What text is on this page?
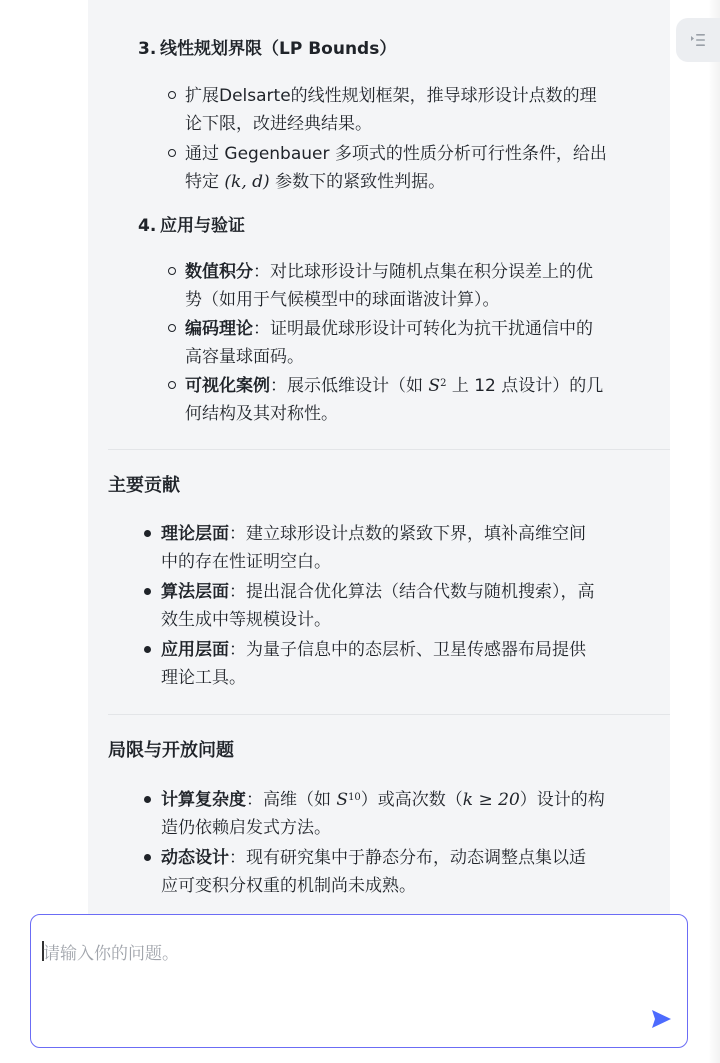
3. 线性规划界限（LP Bounds）
扩展Delsarte的线性规划框架，推导球形设计点数的理
论下限，改进经典结果。
通过 Gegenbauer 多项式的性质分析可行性条件，给出
特定 (k, d) 参数下的紧致性判据。
4. 应用与验证
数值积分：对比球形设计与随机点集在积分误差上的优
势（如用于气候模型中的球面谐波计算）。
编码理论：证明最优球形设计可转化为抗干扰通信中的
高容量球面码。
可视化案例：展示低维设计（如 $S^2$ 上 12 点设计）的几
何结构及其对称性。
主要贡献
理论层面：建立球形设计点数的紧致下界，填补高维空间
中的存在性证明空白。
算法层面：提出混合优化算法（结合代数与随机搜索），高
效生成中等规模设计。
应用层面：为量子信息中的态层析、卫星传感器布局提供
理论工具。
局限与开放问题
计算复杂度：高维（如 $S^{10}$）或高次数（k ≥ 20）设计的构
造仍依赖启发式方法。
动态设计：现有研究集中于静态分布，动态调整点集以适
应可变积分权重的机制尚未成熟。
请输入你的问题。
